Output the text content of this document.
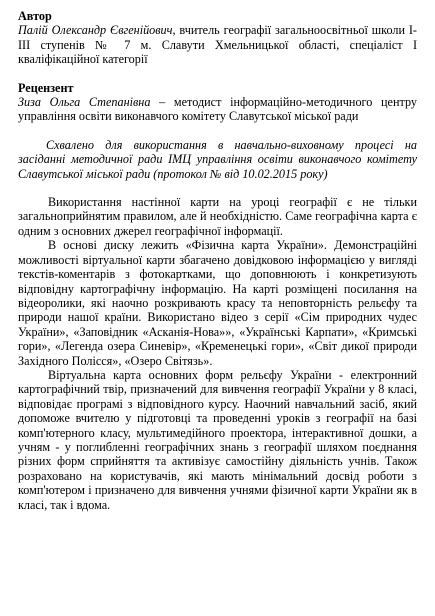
Автор

Палій Олександр Євгенійович, вчитель географії загальноосвітньої школи І-ІІІ ступенів № 7 м. Славути Хмельницької області, спеціаліст І кваліфікаційної категорії

Рецензент

Зиза Ольга Степанівна – методист інформаційно-методичного центру управління освіти виконавчого комітету Славутської міської ради

Схвалено для використання в навчально-виховному процесі на засіданні методичної ради ІМЦ управління освіти виконавчого комітету Славутської міської ради (протокол № від 10.02.2015 року)

Використання настінної карти на уроці географії є не тільки загальноприйнятим правилом, але й необхідністю. Саме географічна карта є одним з основних джерел географічної інформації.

В основі диску лежить «Фізична карта України». Демонстраційні можливості віртуальної карти збагачено довідковою інформацією у вигляді текстів-коментарів з фотокартками, що доповнюють і конкретизують відповідну картографічну інформацію. На карті розміщені посилання на відеоролики, які наочно розкривають красу та неповторність рельєфу та природи нашої країни. Використано відео з серії «Сім природних чудес України», «Заповідник «Асканія-Нова»», «Українські Карпати», «Кримські гори», «Легенда озера Синевір», «Кременецькі гори», «Світ дикої природи Західного Полісся», «Озеро Світязь».

Віртуальна карта основних форм рельєфу України - електронний картографічний твір, призначений для вивчення географії України у 8 класі, відповідає програмі з відповідного курсу. Наочний навчальний засіб, який допоможе вчителю у підготовці та проведенні уроків з географії на базі комп'ютерного класу, мультимедійного проектора, інтерактивної дошки, а учням - у поглибленні географічних знань з географії шляхом поєднання різних форм сприйняття та активізує самостійну діяльність учнів. Також розраховано на користувачів, які мають мінімальний досвід роботи з комп'ютером і призначено для вивчення учнями фізичної карти України як в класі, так і вдома.
